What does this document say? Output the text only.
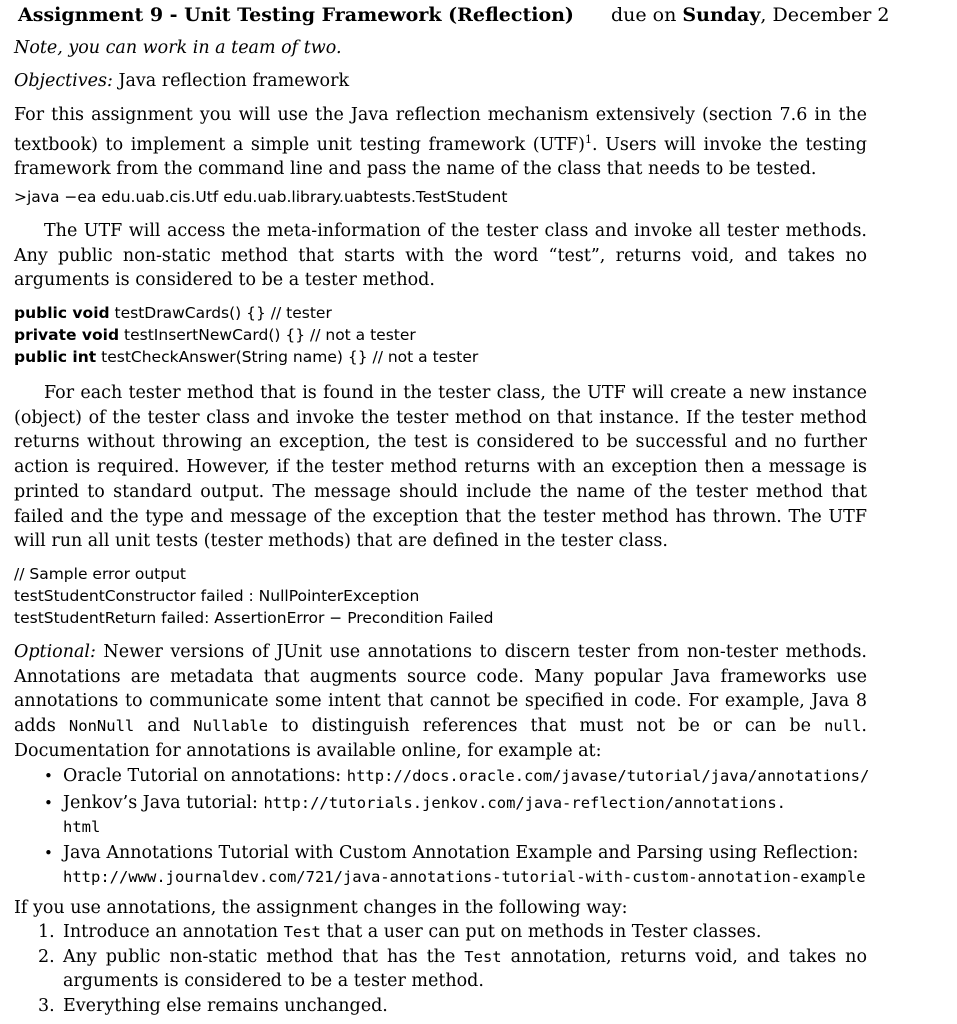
Assignment 9 - Unit Testing Framework (Reflection) due on Sunday, December 2
Note, you can work in a team of two.
Objectives: Java reflection framework
For this assignment you will use the Java reflection mechanism extensively (section 7.6 in the textbook) to implement a simple unit testing framework (UTF)$^1$. Users will invoke the testing framework from the command line and pass the name of the class that needs to be tested.
>java −ea edu.uab.cis.Utf edu.uab.library.uabtests.TestStudent
The UTF will access the meta-information of the tester class and invoke all tester methods. Any public non-static method that starts with the word “test”, returns void, and takes no arguments is considered to be a tester method.
public void testDrawCards() {} // tester
private void testInsertNewCard() {} // not a tester
public int testCheckAnswer(String name) {} // not a tester
For each tester method that is found in the tester class, the UTF will create a new instance (object) of the tester class and invoke the tester method on that instance. If the tester method returns without throwing an exception, the test is considered to be successful and no further action is required. However, if the tester method returns with an exception then a message is printed to standard output. The message should include the name of the tester method that failed and the type and message of the exception that the tester method has thrown. The UTF will run all unit tests (tester methods) that are defined in the tester class.
// Sample error output
testStudentConstructor failed : NullPointerException
testStudentReturn failed: AssertionError − Precondition Failed
Optional: Newer versions of JUnit use annotations to discern tester from non-tester methods. Annotations are metadata that augments source code. Many popular Java frameworks use annotations to communicate some intent that cannot be specified in code. For example, Java 8 adds NonNull and Nullable to distinguish references that must not be or can be null. Documentation for annotations is available online, for example at:
• Oracle Tutorial on annotations: http://docs.oracle.com/javase/tutorial/java/annotations/
• Jenkov’s Java tutorial: http://tutorials.jenkov.com/java-reflection/annotations.
html
• Java Annotations Tutorial with Custom Annotation Example and Parsing using Reflection:
http://www.journaldev.com/721/java-annotations-tutorial-with-custom-annotation-example
If you use annotations, the assignment changes in the following way:
1. Introduce an annotation Test that a user can put on methods in Tester classes.
2. Any public non-static method that has the Test annotation, returns void, and takes no arguments is considered to be a tester method.
3. Everything else remains unchanged.
